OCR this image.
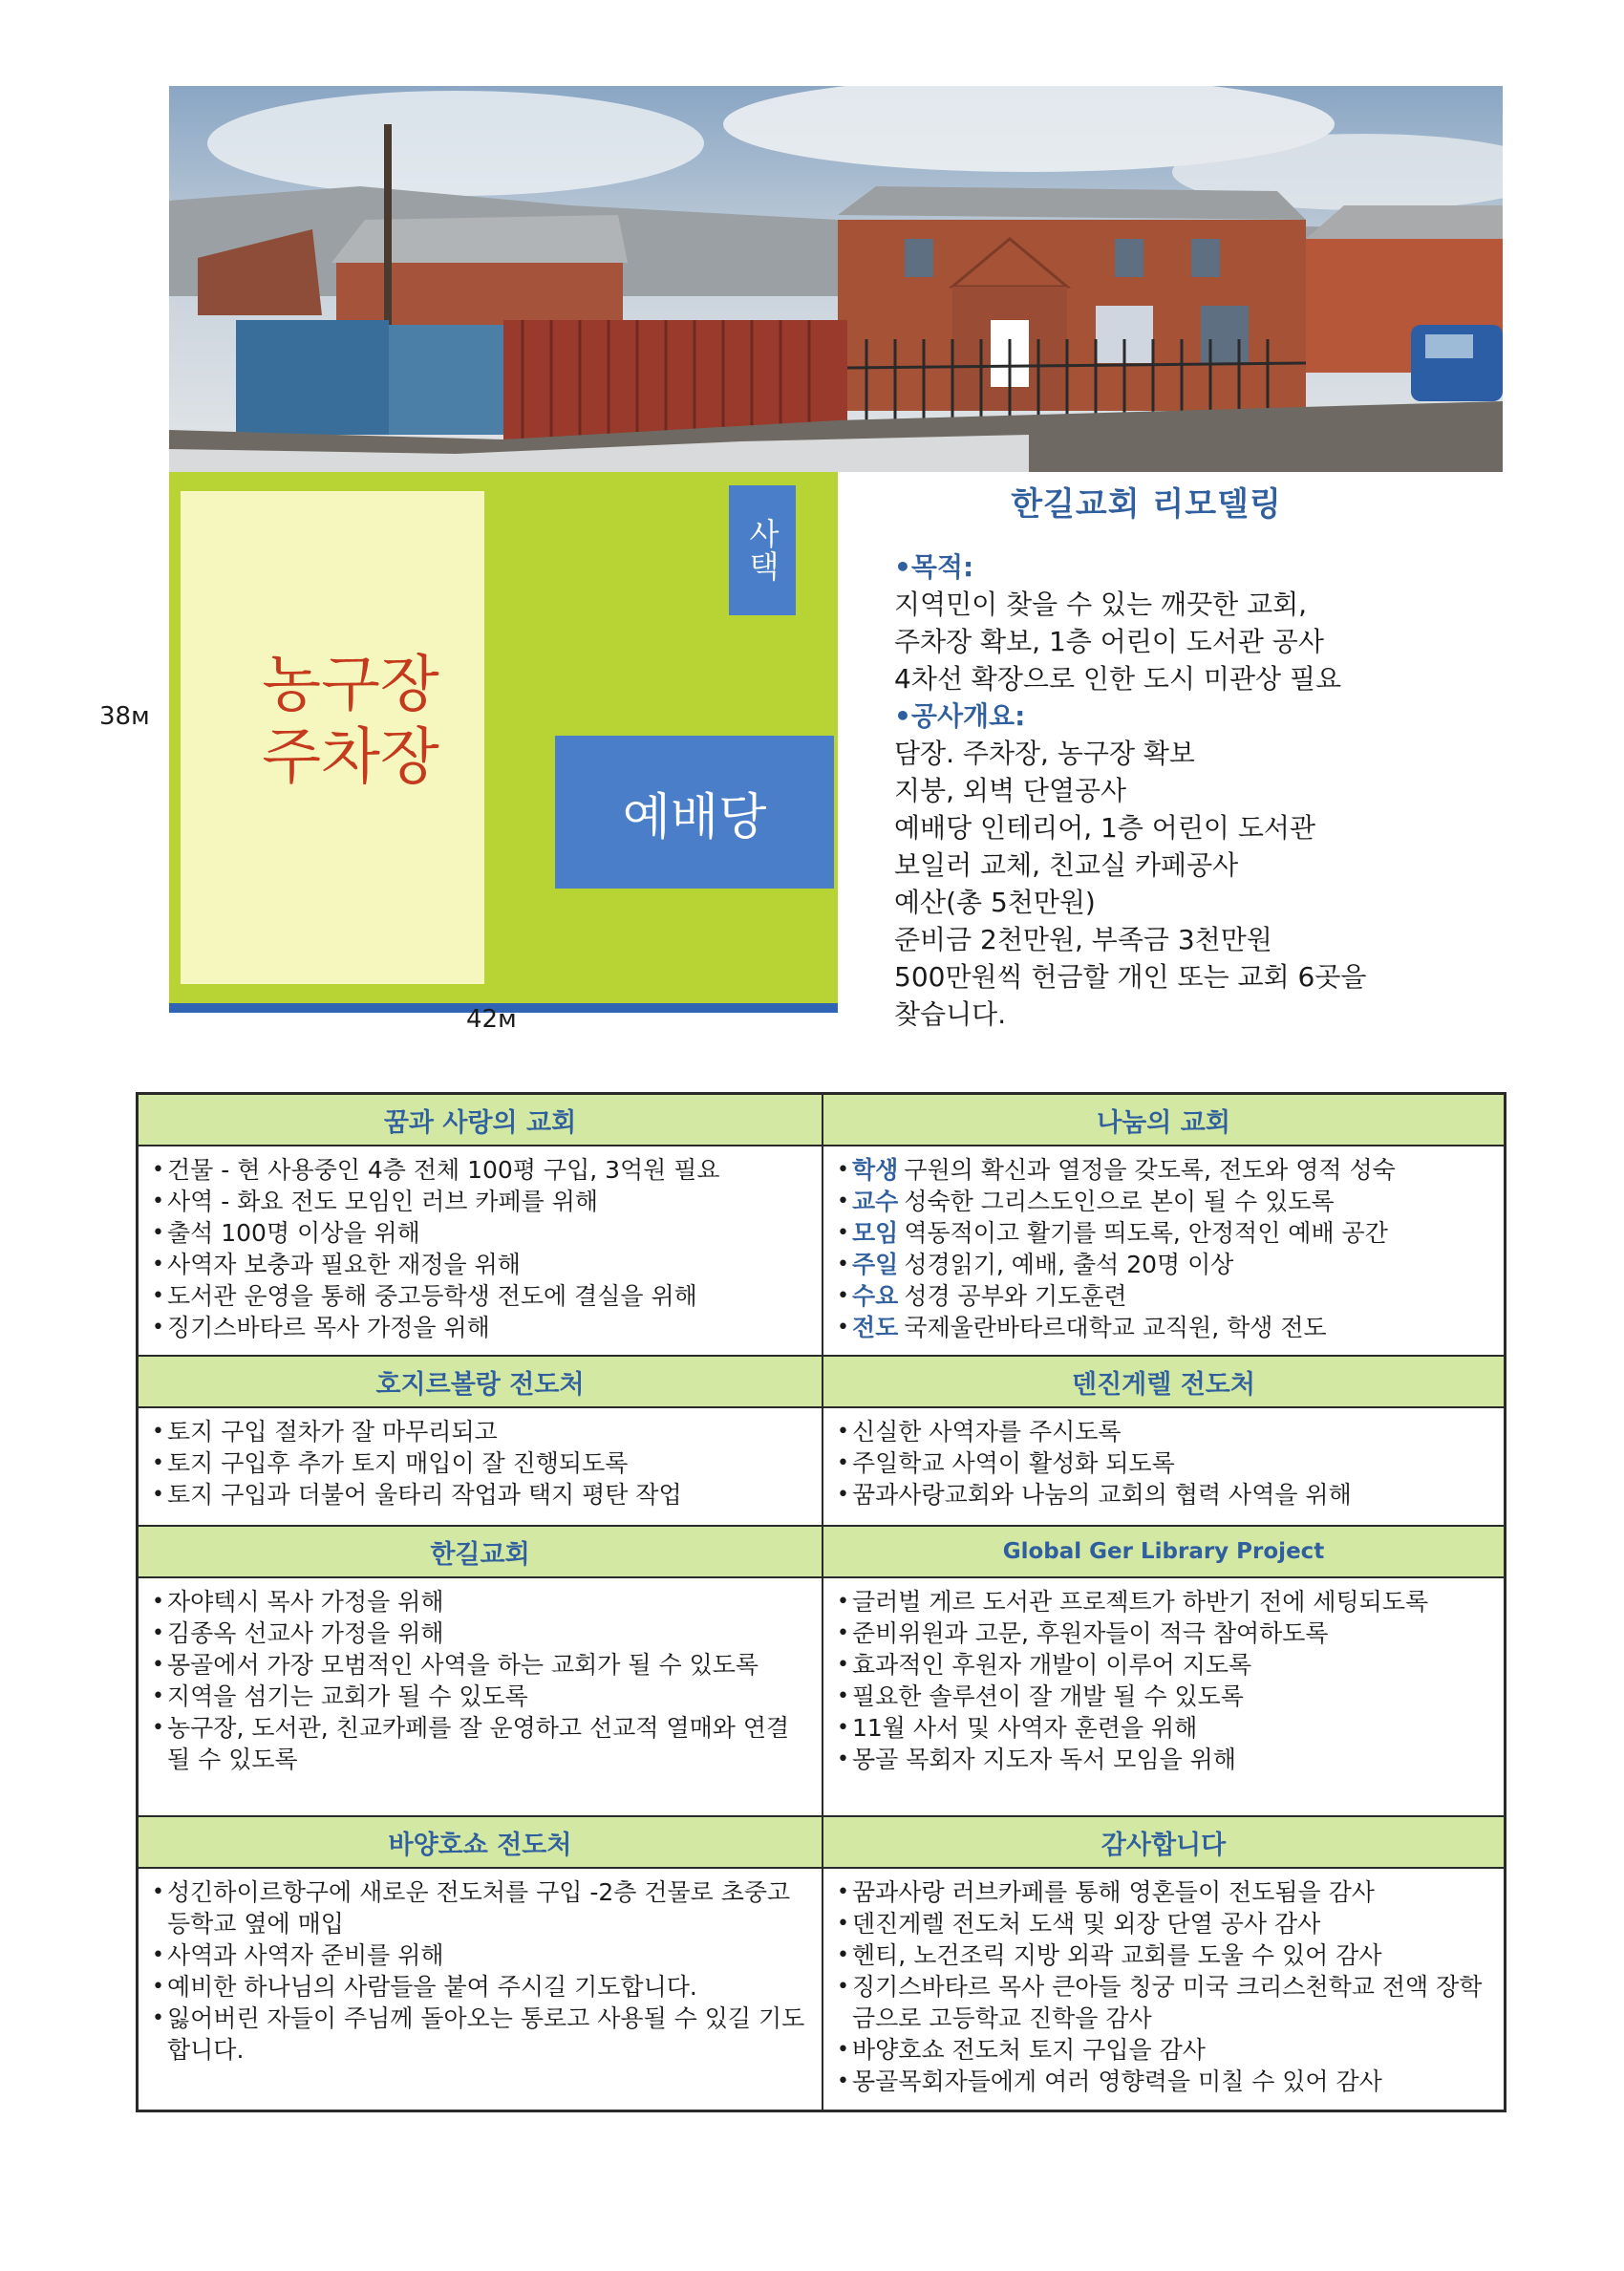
농구장
주차장
사택
예배당
38м
42м
한길교회 리모델링
•목적:
지역민이 찾을 수 있는 깨끗한 교회,
주차장 확보, 1층 어린이 도서관 공사
4차선 확장으로 인한 도시 미관상 필요
•공사개요:
담장. 주차장, 농구장 확보
지붕, 외벽 단열공사
예배당 인테리어, 1층 어린이 도서관
보일러 교체, 친교실 카페공사
예산(총 5천만원)
준비금 2천만원, 부족금 3천만원
500만원씩 헌금할 개인 또는 교회 6곳을
찾습니다.
꿈과 사랑의 교회
• 건물 - 현 사용중인 4층 전체 100평 구입, 3억원 필요
• 사역 - 화요 전도 모임인 러브 카페를 위해
• 출석 100명 이상을 위해
• 사역자 보충과 필요한 재정을 위해
• 도서관 운영을 통해 중고등학생 전도에 결실을 위해
• 징기스바타르 목사 가정을 위해
나눔의 교회
• 학생 구원의 확신과 열정을 갖도록, 전도와 영적 성숙
• 교수 성숙한 그리스도인으로 본이 될 수 있도록
• 모임 역동적이고 활기를 띄도록, 안정적인 예배 공간
• 주일 성경읽기, 예배, 출석 20명 이상
• 수요 성경 공부와 기도훈련
• 전도 국제울란바타르대학교 교직원, 학생 전도
호지르볼랑 전도처
• 토지 구입 절차가 잘 마무리되고
• 토지 구입후 추가 토지 매입이 잘 진행되도록
• 토지 구입과 더불어 울타리 작업과 택지 평탄 작업
덴진게렐 전도처
• 신실한 사역자를 주시도록
• 주일학교 사역이 활성화 되도록
• 꿈과사랑교회와 나눔의 교회의 협력 사역을 위해
한길교회
• 자야텍시 목사 가정을 위해
• 김종옥 선교사 가정을 위해
• 몽골에서 가장 모범적인 사역을 하는 교회가 될 수 있도록
• 지역을 섬기는 교회가 될 수 있도록
• 농구장, 도서관, 친교카페를 잘 운영하고 선교적 열매와 연결 될 수 있도록
Global Ger Library Project
• 글러벌 게르 도서관 프로젝트가 하반기 전에 세팅되도록
• 준비위원과 고문, 후원자들이 적극 참여하도록
• 효과적인 후원자 개발이 이루어 지도록
• 필요한 솔루션이 잘 개발 될 수 있도록
• 11월 사서 및 사역자 훈련을 위해
• 몽골 목회자 지도자 독서 모임을 위해
바양호쇼 전도처
• 성긴하이르항구에 새로운 전도처를 구입 -2층 건물로 초중고등학교 옆에 매입
• 사역과 사역자 준비를 위해
• 예비한 하나님의 사람들을 붙여 주시길 기도합니다.
• 잃어버린 자들이 주님께 돌아오는 통로고 사용될 수 있길 기도합니다.
감사합니다
• 꿈과사랑 러브카페를 통해 영혼들이 전도됨을 감사
• 덴진게렐 전도처 도색 및 외장 단열 공사 감사
• 헨티, 노건조릭 지방 외곽 교회를 도울 수 있어 감사
• 징기스바타르 목사 큰아들 칭궁 미국 크리스천학교 전액 장학금으로 고등학교 진학을 감사
• 바양호쇼 전도처 토지 구입을 감사
• 몽골목회자들에게 여러 영향력을 미칠 수 있어 감사
